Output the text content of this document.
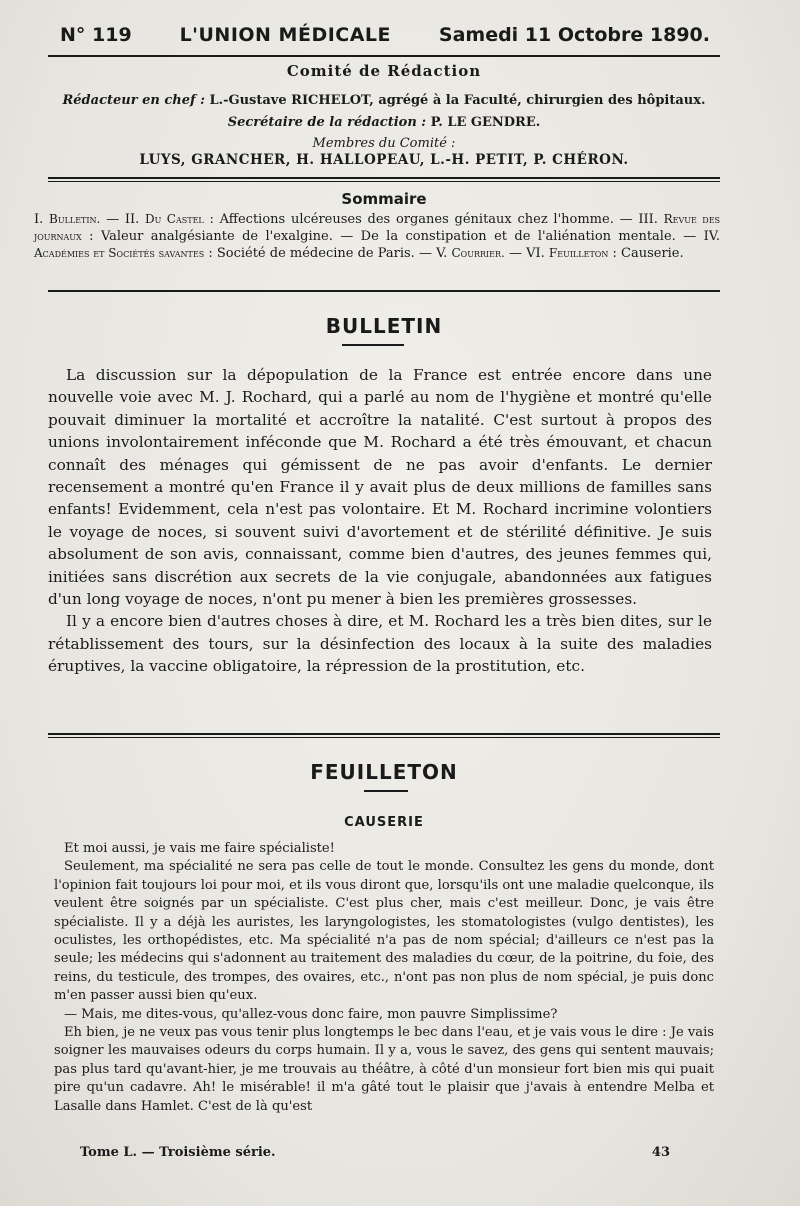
N° 119	L'UNION MÉDICALE	Samedi 11 Octobre 1890.
Comité de Rédaction
Rédacteur en chef : L.-Gustave RICHELOT, agrégé à la Faculté, chirurgien des hôpitaux.
Secrétaire de la rédaction : P. LE GENDRE.
Membres du Comité :
LUYS, GRANCHER, H. HALLOPEAU, L.-H. PETIT, P. CHÉRON.
Sommaire
I. Bulletin. — II. Du Castel : Affections ulcéreuses des organes génitaux chez l'homme. — III. Revue des journaux : Valeur analgésiante de l'exalgine. — De la constipation et de l'aliénation mentale. — IV. Académies et Sociétés savantes : Société de médecine de Paris. — V. Courrier. — VI. Feuilleton : Causerie.
BULLETIN

La discussion sur la dépopulation de la France est entrée encore dans une nouvelle voie avec M. J. Rochard, qui a parlé au nom de l'hygiène et montré qu'elle pouvait diminuer la mortalité et accroître la natalité. C'est surtout à propos des unions involontairement inféconde que M. Rochard a été très émouvant, et chacun connaît des ménages qui gémissent de ne pas avoir d'enfants. Le dernier recensement a montré qu'en France il y avait plus de deux millions de familles sans enfants! Evidemment, cela n'est pas volontaire. Et M. Rochard incrimine volontiers le voyage de noces, si souvent suivi d'avortement et de stérilité définitive. Je suis absolument de son avis, connaissant, comme bien d'autres, des jeunes femmes qui, initiées sans discrétion aux secrets de la vie conjugale, abandonnées aux fatigues d'un long voyage de noces, n'ont pu mener à bien les premières grossesses.

Il y a encore bien d'autres choses à dire, et M. Rochard les a très bien dites, sur le rétablissement des tours, sur la désinfection des locaux à la suite des maladies éruptives, la vaccine obligatoire, la répression de la prostitution, etc.

FEUILLETON
CAUSERIE

Et moi aussi, je vais me faire spécialiste!

Seulement, ma spécialité ne sera pas celle de tout le monde. Consultez les gens du monde, dont l'opinion fait toujours loi pour moi, et ils vous diront que, lorsqu'ils ont une maladie quelconque, ils veulent être soignés par un spécialiste. C'est plus cher, mais c'est meilleur. Donc, je vais être spécialiste. Il y a déjà les auristes, les laryngologistes, les stomatologistes (vulgo dentistes), les oculistes, les orthopédistes, etc. Ma spécialité n'a pas de nom spécial; d'ailleurs ce n'est pas la seule; les médecins qui s'adonnent au traitement des maladies du cœur, de la poitrine, du foie, des reins, du testicule, des trompes, des ovaires, etc., n'ont pas non plus de nom spécial, je puis donc m'en passer aussi bien qu'eux.

— Mais, me dites-vous, qu'allez-vous donc faire, mon pauvre Simplissime?

Eh bien, je ne veux pas vous tenir plus longtemps le bec dans l'eau, et je vais vous le dire : Je vais soigner les mauvaises odeurs du corps humain. Il y a, vous le savez, des gens qui sentent mauvais; pas plus tard qu'avant-hier, je me trouvais au théâtre, à côté d'un monsieur fort bien mis qui puait pire qu'un cadavre. Ah! le misérable! il m'a gâté tout le plaisir que j'avais à entendre Melba et Lasalle dans Hamlet. C'est de là qu'est

Tome L. — Troisième série.	43
